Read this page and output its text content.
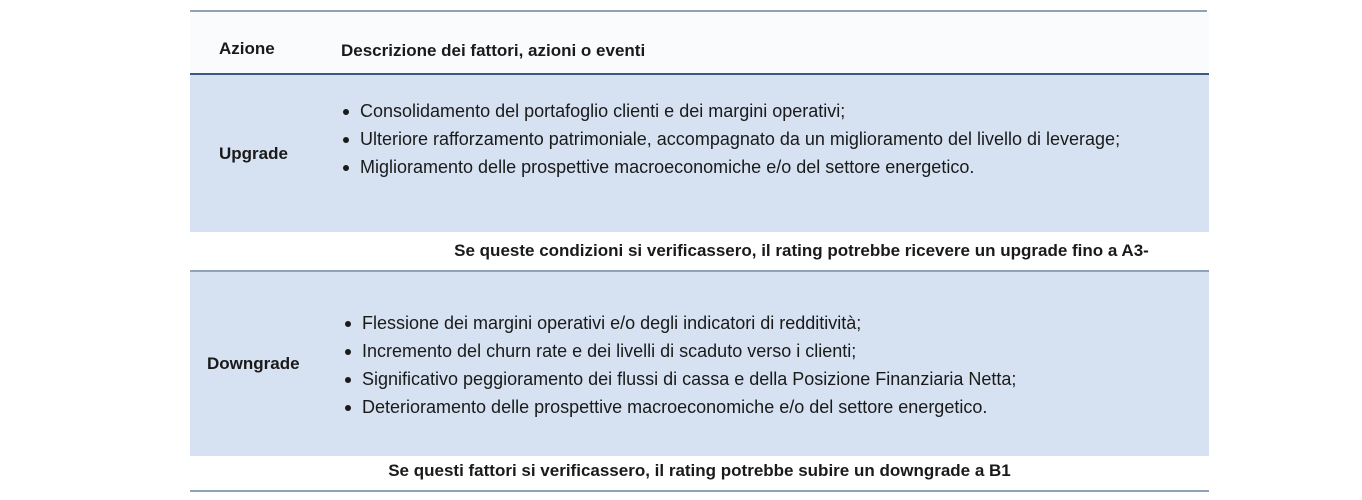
Azione	Descrizione dei fattori, azioni o eventi
Upgrade
Consolidamento del portafoglio clienti e dei margini operativi;
Ulteriore rafforzamento patrimoniale, accompagnato da un miglioramento del livello di leverage;
Miglioramento delle prospettive macroeconomiche e/o del settore energetico.
Se queste condizioni si verificassero, il rating potrebbe ricevere un upgrade fino a A3-
Downgrade
Flessione dei margini operativi e/o degli indicatori di redditività;
Incremento del churn rate e dei livelli di scaduto verso i clienti;
Significativo peggioramento dei flussi di cassa e della Posizione Finanziaria Netta;
Deterioramento delle prospettive macroeconomiche e/o del settore energetico.
Se questi fattori si verificassero, il rating potrebbe subire un downgrade a B1
